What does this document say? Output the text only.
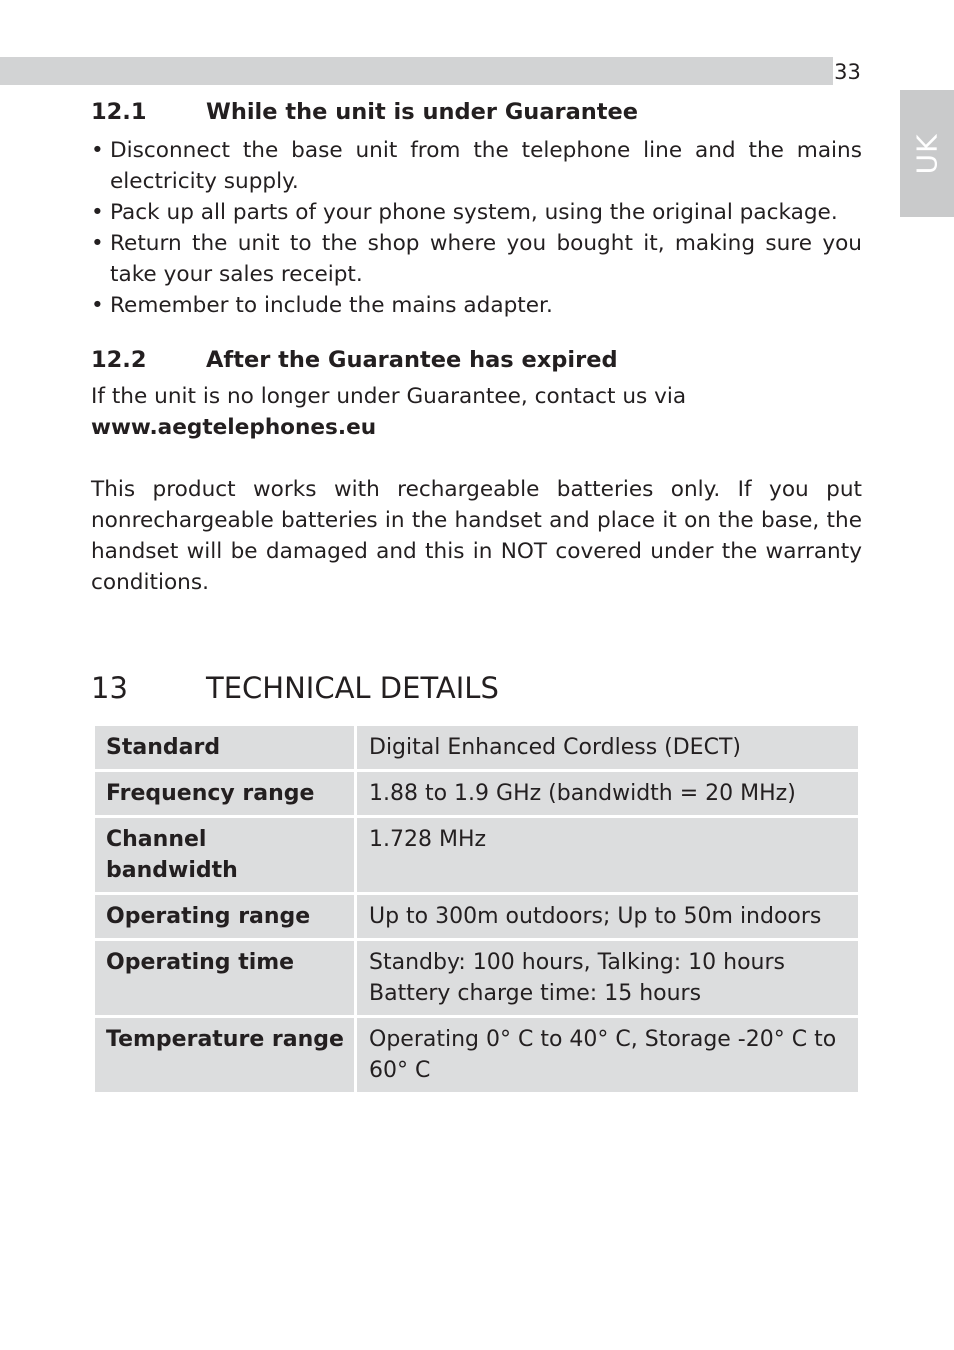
33
UK
12.1	While the unit is under Guarantee
• Disconnect the base unit from the telephone line and the mains electricity supply.
• Pack up all parts of your phone system, using the original package.
• Return the unit to the shop where you bought it, making sure you take your sales receipt.
• Remember to include the mains adapter.
12.2	After the Guarantee has expired

If the unit is no longer under Guarantee, contact us via
www.aegtelephones.eu

This product works with rechargeable batteries only. If you put nonrechargeable batteries in the handset and place it on the base, the handset will be damaged and this in NOT covered under the warranty conditions.

13	TECHNICAL DETAILS
Standard	Digital Enhanced Cordless (DECT)
Frequency range	1.88 to 1.9 GHz (bandwidth = 20 MHz)
Channel bandwidth	1.728 MHz
Operating range	Up to 300m outdoors; Up to 50m indoors
Operating time	Standby: 100 hours, Talking: 10 hours
Battery charge time: 15 hours

Temperature range	Operating 0° C to 40° C, Storage -20° C to 60° C
